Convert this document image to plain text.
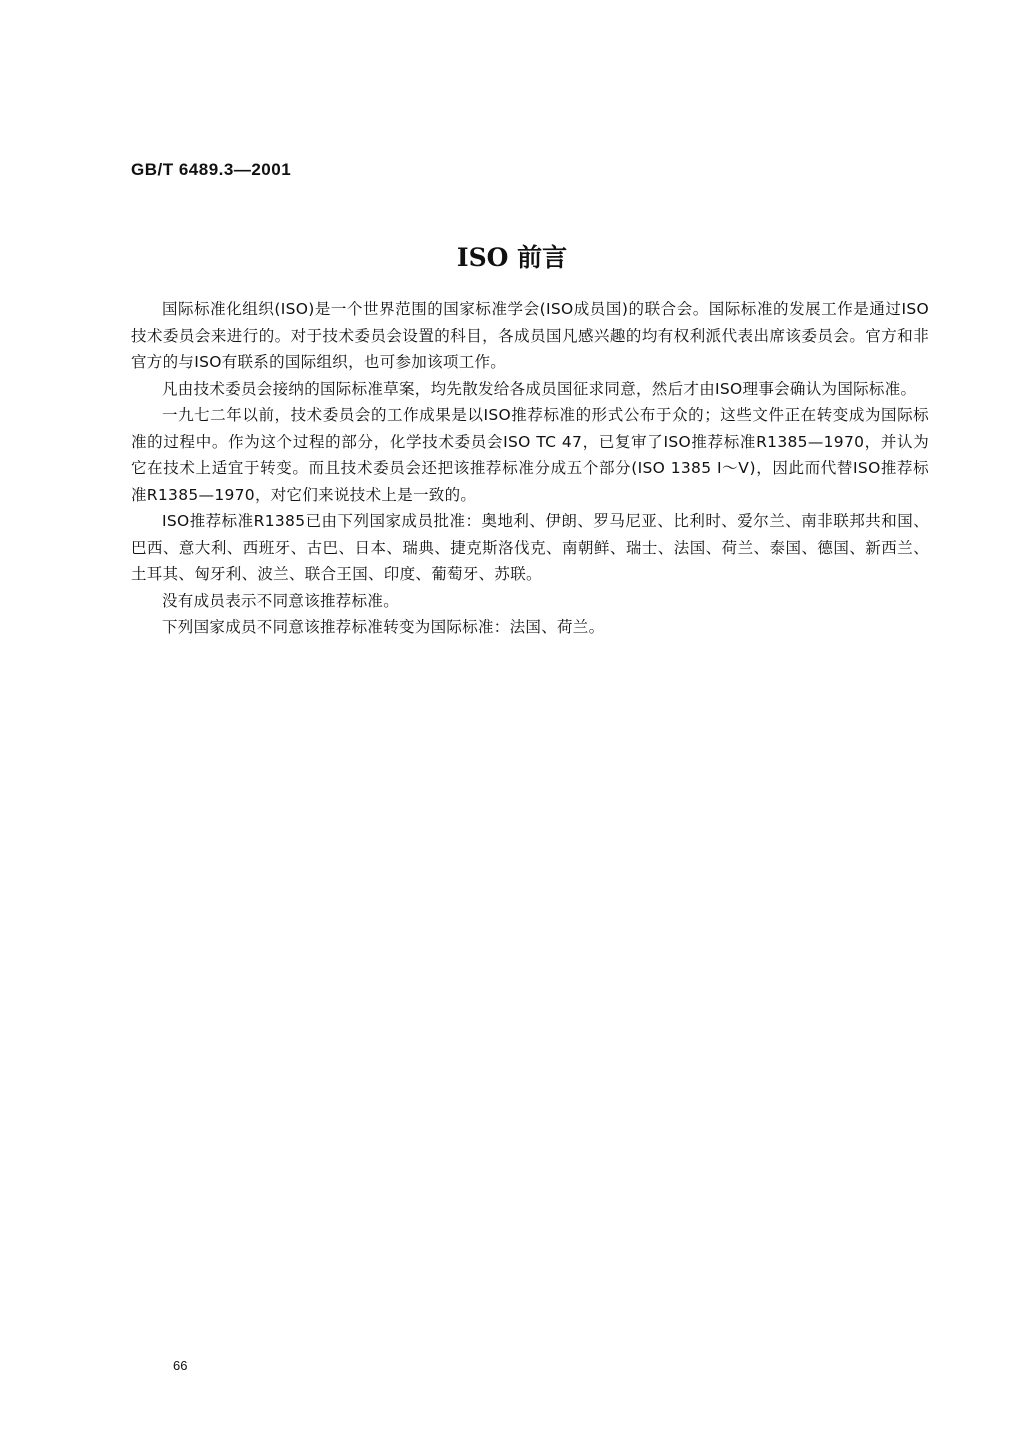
GB/T 6489.3—2001
ISO 前言

国际标准化组织(ISO)是一个世界范围的国家标准学会(ISO成员国)的联合会。国际标准的发展工作是通过ISO技术委员会来进行的。对于技术委员会设置的科目，各成员国凡感兴趣的均有权利派代表出席该委员会。官方和非官方的与ISO有联系的国际组织，也可参加该项工作。

凡由技术委员会接纳的国际标准草案，均先散发给各成员国征求同意，然后才由ISO理事会确认为国际标准。

一九七二年以前，技术委员会的工作成果是以ISO推荐标准的形式公布于众的；这些文件正在转变成为国际标准的过程中。作为这个过程的部分，化学技术委员会ISO TC 47，已复审了ISO推荐标准R1385—1970，并认为它在技术上适宜于转变。而且技术委员会还把该推荐标准分成五个部分(ISO 1385 Ⅰ～Ⅴ)，因此而代替ISO推荐标准R1385—1970，对它们来说技术上是一致的。

ISO推荐标准R1385已由下列国家成员批准：奥地利、伊朗、罗马尼亚、比利时、爱尔兰、南非联邦共和国、巴西、意大利、西班牙、古巴、日本、瑞典、捷克斯洛伐克、南朝鲜、瑞士、法国、荷兰、泰国、德国、新西兰、土耳其、匈牙利、波兰、联合王国、印度、葡萄牙、苏联。

没有成员表示不同意该推荐标准。

下列国家成员不同意该推荐标准转变为国际标准：法国、荷兰。

66
